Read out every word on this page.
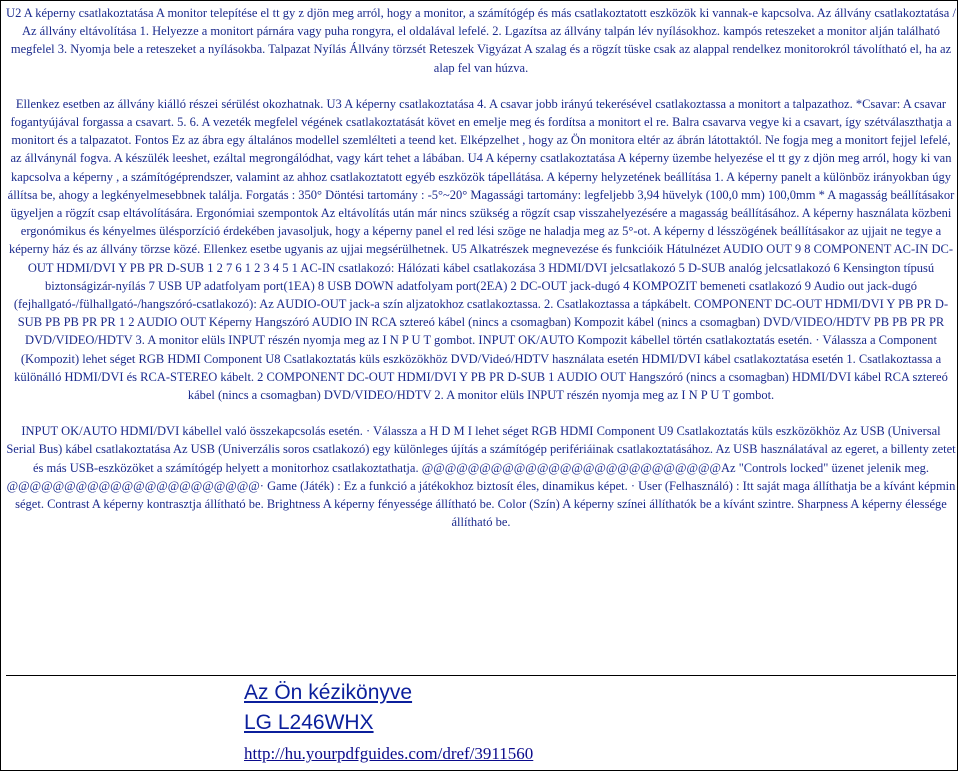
U2 A képerny csatlakoztatása A monitor telepítése el tt gy z djön meg arról, hogy a monitor, a számítógép és más csatlakoztatott eszközök ki vannak-e kapcsolva. Az állvány csatlakoztatása / Az állvány eltávolítása 1. Helyezze a monitort párnára vagy puha rongyra, el oldalával lefelé. 2. Lgazítsa az állvány talpán lév nyílásokhoz. kampós reteszeket a monitor alján található megfelel 3. Nyomja bele a reteszeket a nyílásokba. Talpazat Nyílás Állvány törzsét Reteszek Vigyázat A szalag és a rögzít tüske csak az alappal rendelkez monitorokról távolítható el, ha az alap fel van húzva.

Ellenkez esetben az állvány kiálló részei sérülést okozhatnak. U3 A képerny csatlakoztatása 4. A csavar jobb irányú tekerésével csatlakoztassa a monitort a talpazathoz. *Csavar: A csavar fogantyújával forgassa a csavart. 5. 6. A vezeték megfelel végének csatlakoztatását követ en emelje meg és fordítsa a monitort el re. Balra csavarva vegye ki a csavart, így szétválaszthatja a monitort és a talpazatot. Fontos Ez az ábra egy általános modellel szemlélteti a teend ket. Elképzelhet , hogy az Ön monitora eltér az ábrán látottaktól. Ne fogja meg a monitort fejjel lefelé, az állványnál fogva. A készülék leeshet, ezáltal megrongálódhat, vagy kárt tehet a lábában. U4 A képerny csatlakoztatása A képerny üzembe helyezése el tt gy z djön meg arról, hogy ki van kapcsolva a képerny , a számítógéprendszer, valamint az ahhoz csatlakoztatott egyéb eszközök tápellátása. A képerny helyzetének beállítása 1. A képerny panelt a különböz irányokban úgy állítsa be, ahogy a legkényelmesebbnek találja. Forgatás : 350° Döntési tartomány : -5°~20° Magassági tartomány: legfeljebb 3,94 hüvelyk (100,0 mm) 100,0mm * A magasság beállításakor ügyeljen a rögzít csap eltávolítására. Ergonómiai szempontok Az eltávolítás után már nincs szükség a rögzít csap visszahelyezésére a magasság beállításához. A képerny használata közbeni ergonómikus és kényelmes ülésporzíció érdekében javasoljuk, hogy a képerny panel el red lési szöge ne haladja meg az 5°-ot. A képerny d lésszögének beállításakor az ujjait ne tegye a képerny ház és az állvány törzse közé. Ellenkez esetbe ugyanis az ujjai megsérülhetnek. U5 Alkatrészek megnevezése és funkcióik Hátulnézet AUDIO OUT 9 8 COMPONENT AC-IN DC-OUT HDMI/DVI Y PB PR D-SUB 1 2 7 6 1 2 3 4 5 1 AC-IN csatlakozó: Hálózati kábel csatlakozása 3 HDMI/DVI jelcsatlakozó 5 D-SUB analóg jelcsatlakozó 6 Kensington típusú biztonságizár-nyílás 7 USB UP adatfolyam port(1EA) 8 USB DOWN adatfolyam port(2EA) 2 DC-OUT jack-dugó 4 KOMPOZIT bemeneti csatlakozó 9 Audio out jack-dugó (fejhallgató-/fülhallgató-/hangszóró-csatlakozó): Az AUDIO-OUT jack-a szín aljzatokhoz csatlakoztassa. 2. Csatlakoztassa a tápkábelt. COMPONENT DC-OUT HDMI/DVI Y PB PR D-SUB PB PB PR PR 1 2 AUDIO OUT Képerny Hangszóró AUDIO IN RCA sztereó kábel (nincs a csomagban) Kompozit kábel (nincs a csomagban) DVD/VIDEO/HDTV PB PB PR PR DVD/VIDEO/HDTV 3. A monitor elüls INPUT részén nyomja meg az I N P U T gombot. INPUT OK/AUTO Kompozit kábellel történ csatlakoztatás esetén. · Válassza a Component (Kompozit) lehet séget RGB HDMI Component U8 Csatlakoztatás küls eszközökhöz DVD/Videó/HDTV használata esetén HDMI/DVI kábel csatlakoztatása esetén 1. Csatlakoztassa a különálló HDMI/DVI és RCA-STEREO kábelt. 2 COMPONENT DC-OUT HDMI/DVI Y PB PR D-SUB 1 AUDIO OUT Hangszóró (nincs a csomagban) HDMI/DVI kábel RCA sztereó kábel (nincs a csomagban) DVD/VIDEO/HDTV 2. A monitor elüls INPUT részén nyomja meg az I N P U T gombot.

INPUT OK/AUTO HDMI/DVI kábellel való összekapcsolás esetén. · Válassza a H D M I lehet séget RGB HDMI Component U9 Csatlakoztatás küls eszközökhöz Az USB (Universal Serial Bus) kábel csatlakoztatása Az USB (Univerzális soros csatlakozó) egy különleges újítás a számítógép perifériáinak csatlakoztatásához. Az USB használatával az egeret, a billenty zetet és más USB-eszközöket a számítógép helyett a monitorhoz csatlakoztathatja. @@@@@@@@@@@@@@@@@@@@@@@@@@Az "Controls locked" üzenet jelenik meg. @@@@@@@@@@@@@@@@@@@@@@· Game (Játék) : Ez a funkció a játékokhoz biztosít éles, dinamikus képet. · User (Felhasználó) : Itt saját maga állíthatja be a kívánt képmin séget. Contrast A képerny kontrasztja állítható be. Brightness A képerny fényessége állítható be. Color (Szín) A képerny színei állíthatók be a kívánt szintre. Sharpness A képerny élessége állítható be.

Az Ön kézikönyve
LG L246WHX
http://hu.yourpdfguides.com/dref/3911560
